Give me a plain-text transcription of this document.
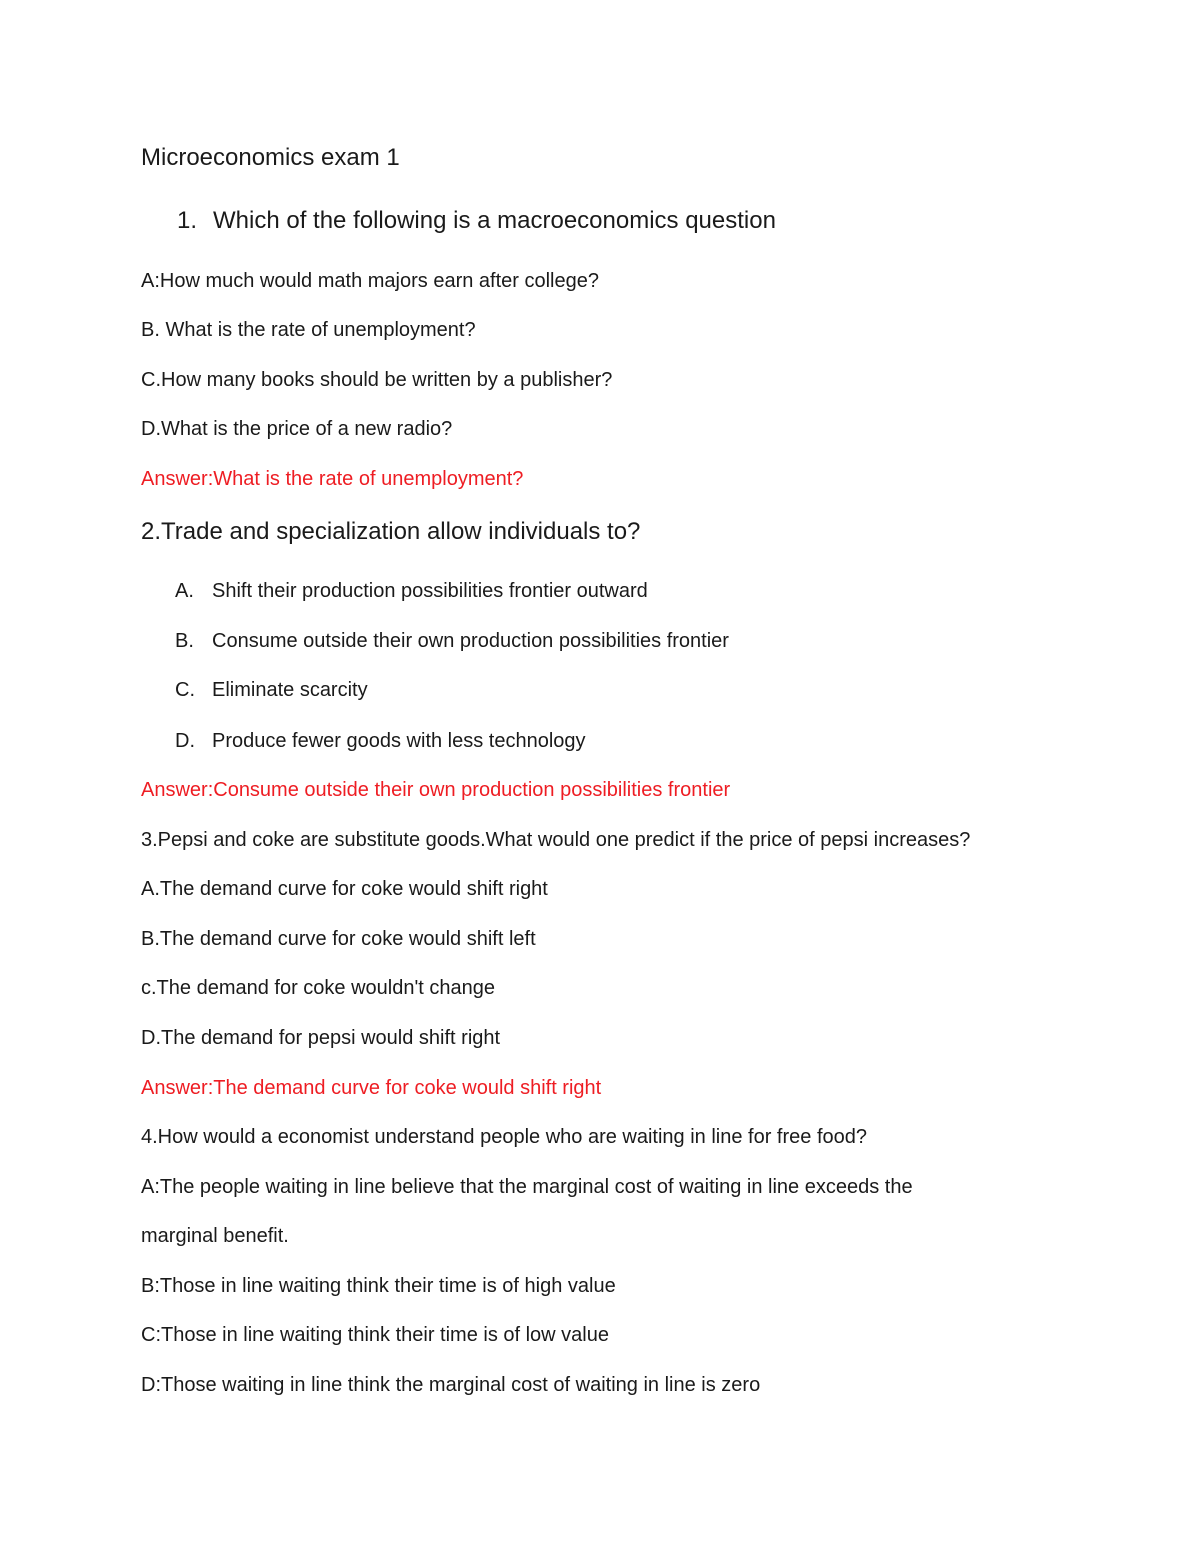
Microeconomics exam 1
1. Which of the following is a macroeconomics question

A:How much would math majors earn after college?

B. What is the rate of unemployment?

C.How many books should be written by a publisher?

D.What is the price of a new radio?

Answer:What is the rate of unemployment?

2.Trade and specialization allow individuals to?
A. Shift their production possibilities frontier outward
B. Consume outside their own production possibilities frontier
C. Eliminate scarcity
D. Produce fewer goods with less technology

Answer:Consume outside their own production possibilities frontier

3.Pepsi and coke are substitute goods.What would one predict if the price of pepsi increases?

A.The demand curve for coke would shift right

B.The demand curve for coke would shift left

c.The demand for coke wouldn't change

D.The demand for pepsi would shift right

Answer:The demand curve for coke would shift right

4.How would a economist understand people who are waiting in line for free food?

A:The people waiting in line believe that the marginal cost of waiting in line exceeds the

marginal benefit.

B:Those in line waiting think their time is of high value

C:Those in line waiting think their time is of low value

D:Those waiting in line think the marginal cost of waiting in line is zero
